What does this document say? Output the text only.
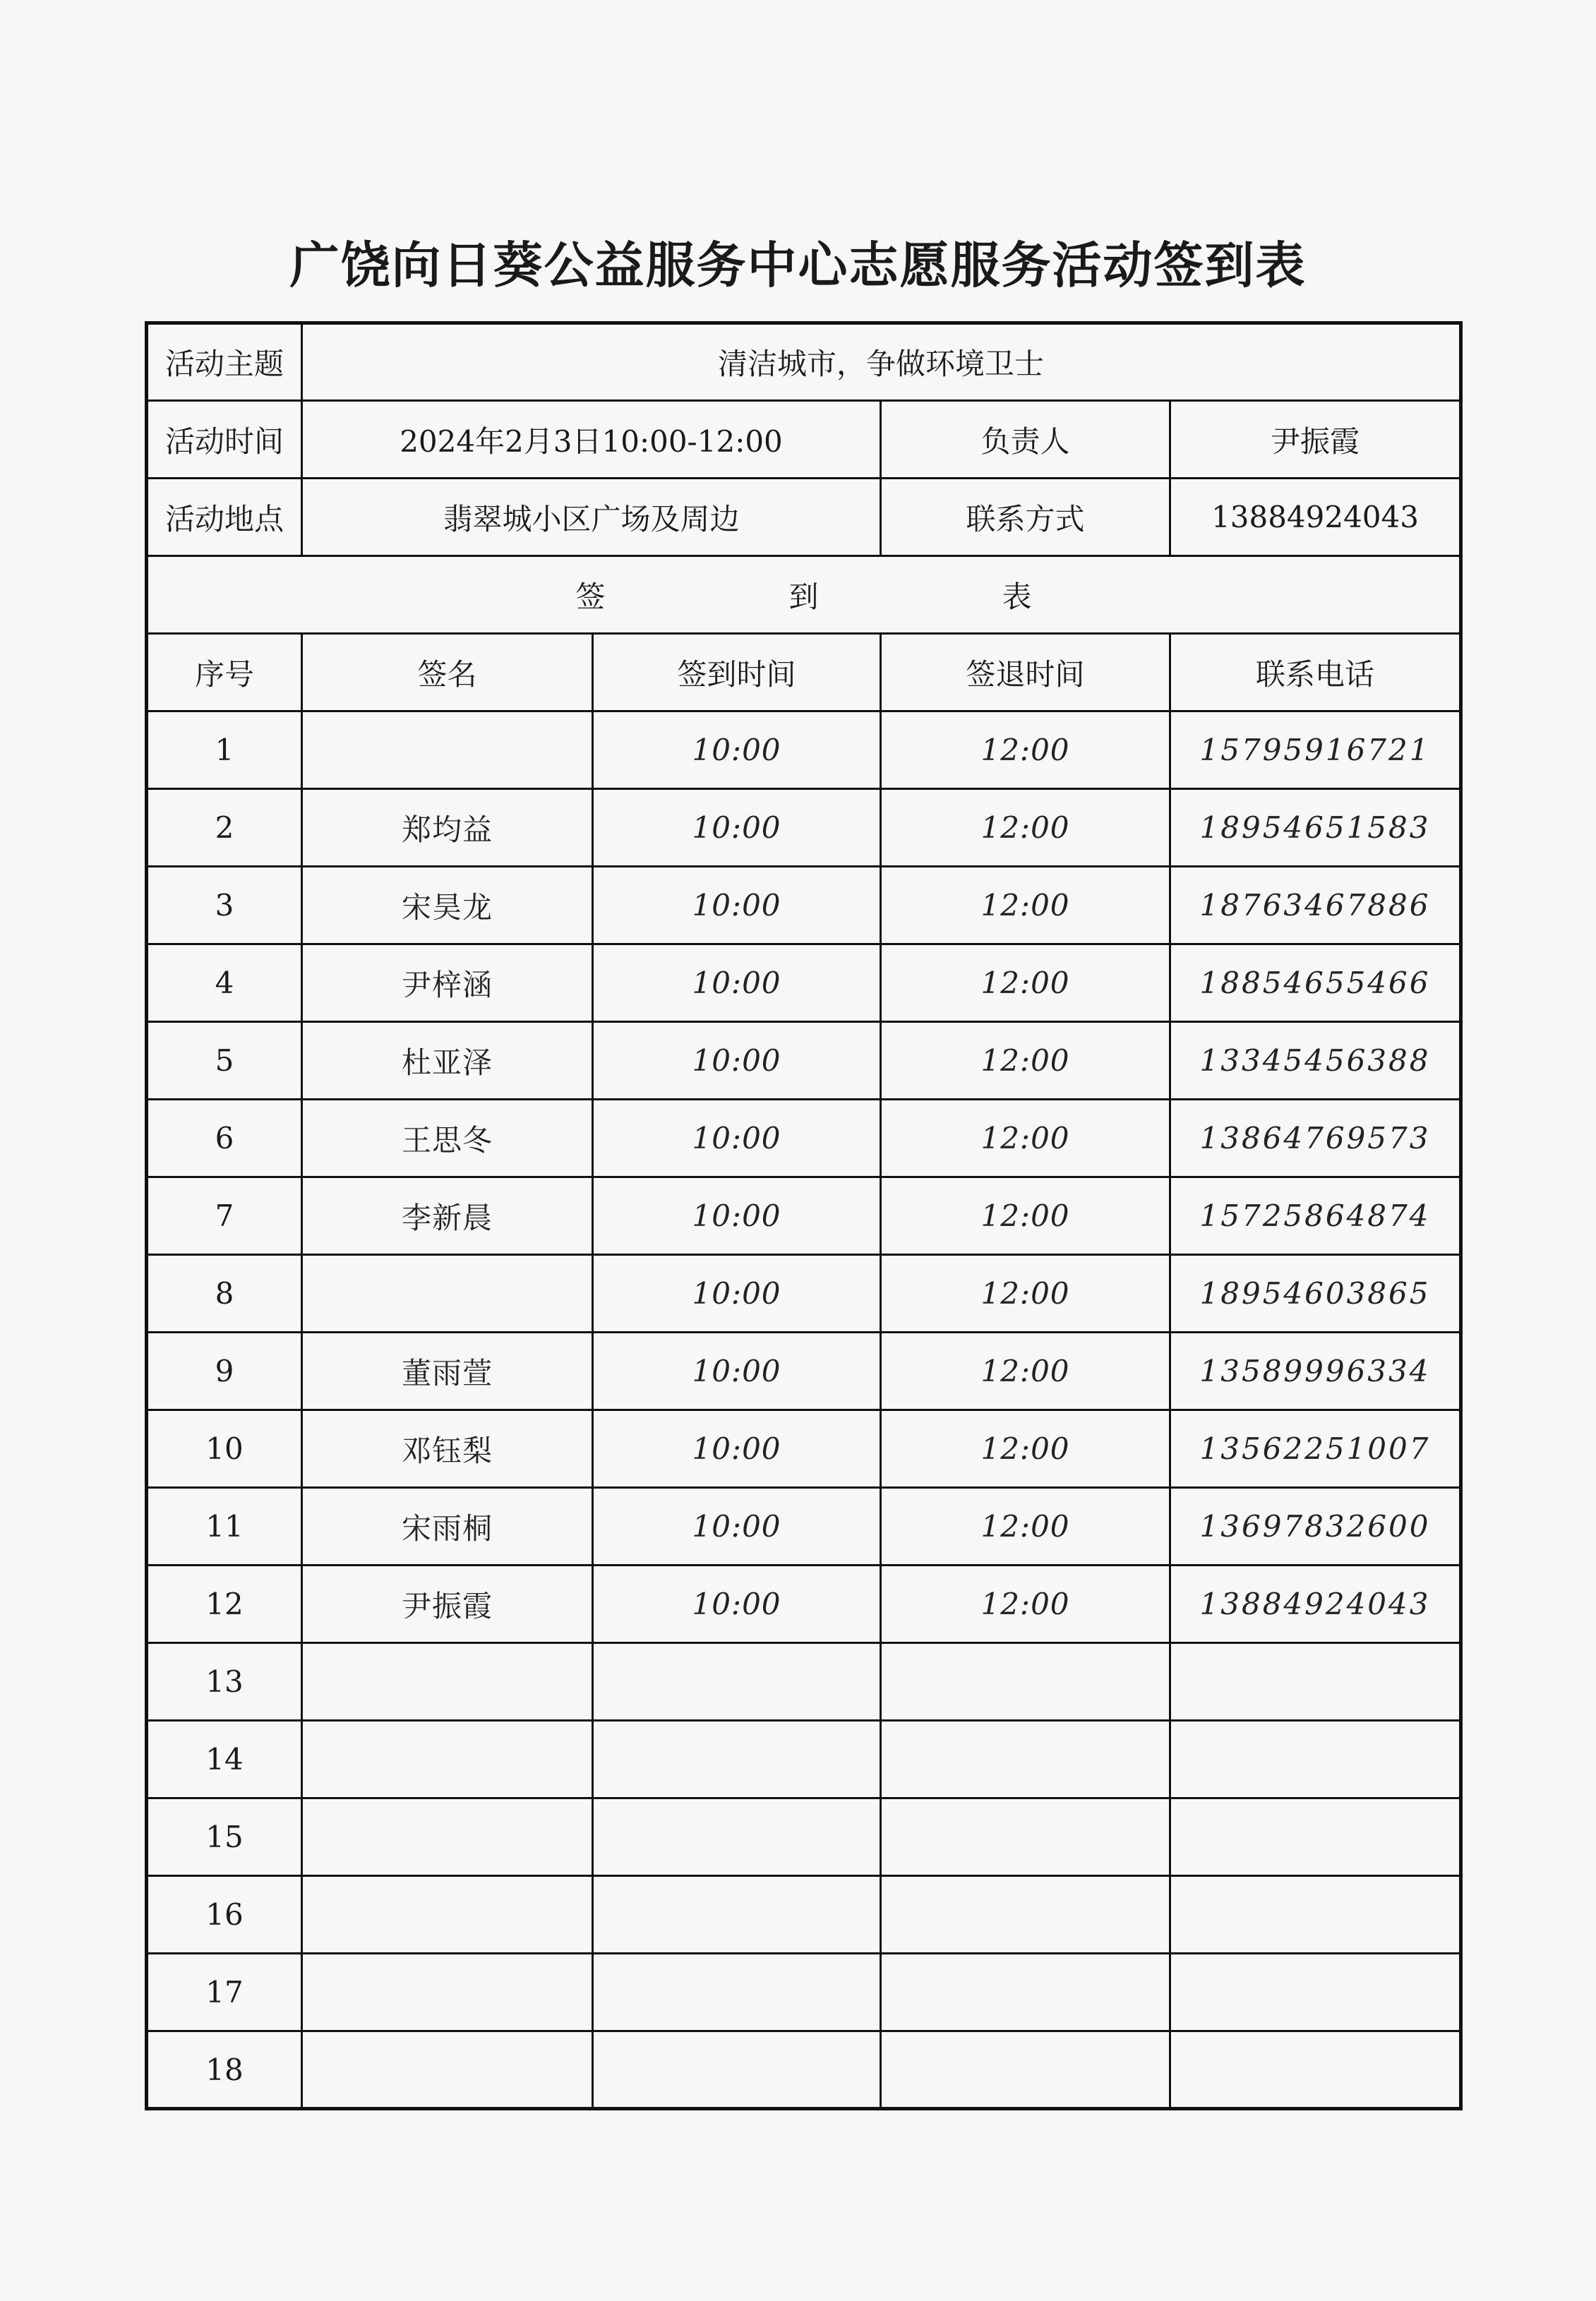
广饶向日葵公益服务中心志愿服务活动签到表
活动主题	清洁城市，争做环境卫士			
活动时间	2024年2月3日10:00-12:00		负责人	尹振霞
活动地点	翡翠城小区广场及周边		联系方式	13884924043
签 到 表				
序号	签名	签到时间	签退时间	联系电话
1		10:00	12:00	15795916721
2	郑均益	10:00	12:00	18954651583
3	宋昊龙	10:00	12:00	18763467886
4	尹梓涵	10:00	12:00	18854655466
5	杜亚泽	10:00	12:00	13345456388
6	王思冬	10:00	12:00	13864769573
7	李新晨	10:00	12:00	15725864874
8		10:00	12:00	18954603865
9	董雨萱	10:00	12:00	13589996334
10	邓钰梨	10:00	12:00	13562251007
11	宋雨桐	10:00	12:00	13697832600
12	尹振霞	10:00	12:00	13884924043
13				
14				
15				
16				
17				
18				
